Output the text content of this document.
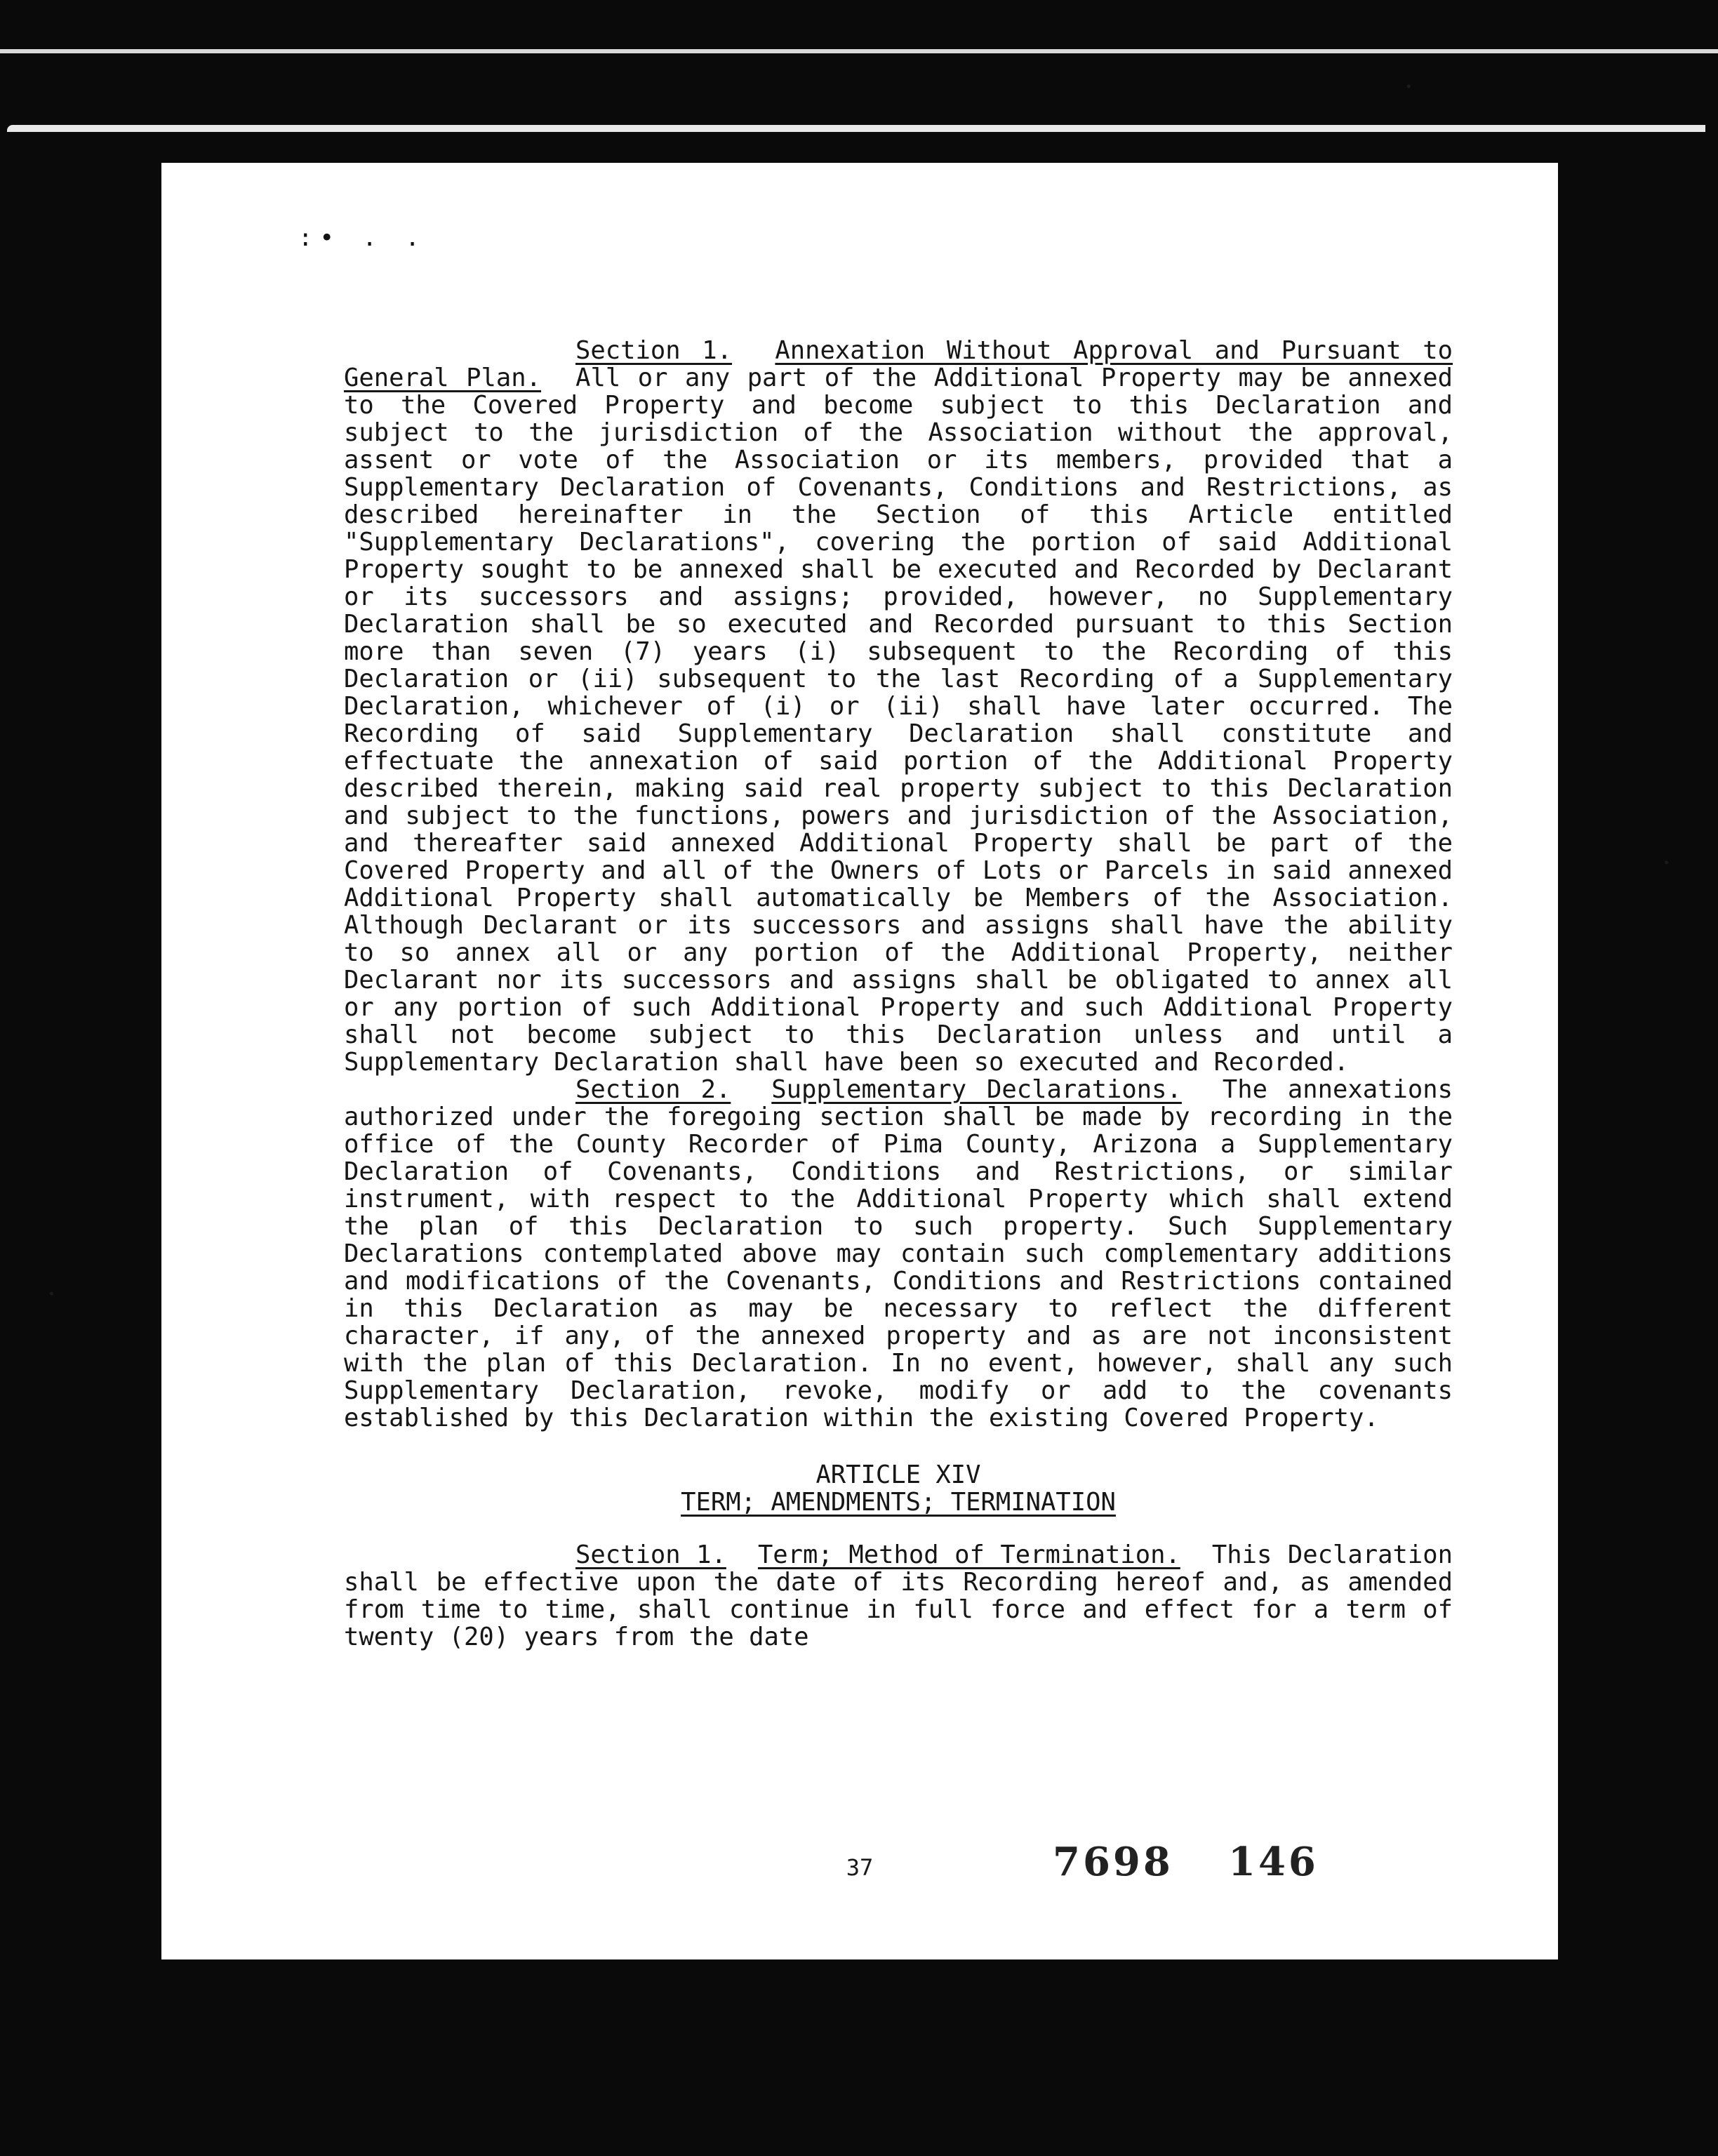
:• . .

Section 1. Annexation Without Approval and Pursuant to General Plan. All or any part of the Additional Property may be annexed to the Covered Property and become subject to this Declaration and subject to the jurisdiction of the Association without the approval, assent or vote of the Association or its members, provided that a Supplementary Declaration of Covenants, Conditions and Restrictions, as described hereinafter in the Section of this Article entitled "Supplementary Declarations", covering the portion of said Additional Property sought to be annexed shall be executed and Recorded by Declarant or its successors and assigns; provided, however, no Supplementary Declaration shall be so executed and Recorded pursuant to this Section more than seven (7) years (i) subsequent to the Recording of this Declaration or (ii) subsequent to the last Recording of a Supplementary Declaration, whichever of (i) or (ii) shall have later occurred. The Recording of said Supplementary Declaration shall constitute and effectuate the annexation of said portion of the Additional Property described therein, making said real property subject to this Declaration and subject to the functions, powers and jurisdiction of the Association, and thereafter said annexed Additional Property shall be part of the Covered Property and all of the Owners of Lots or Parcels in said annexed Additional Property shall automatically be Members of the Association. Although Declarant or its successors and assigns shall have the ability to so annex all or any portion of the Additional Property, neither Declarant nor its successors and assigns shall be obligated to annex all or any portion of such Additional Property and such Additional Property shall not become subject to this Declaration unless and until a Supplementary Declaration shall have been so executed and Recorded.

Section 2. Supplementary Declarations. The annexations authorized under the foregoing section shall be made by recording in the office of the County Recorder of Pima County, Arizona a Supplementary Declaration of Covenants, Conditions and Restrictions, or similar instrument, with respect to the Additional Property which shall extend the plan of this Declaration to such property. Such Supplementary Declarations contemplated above may contain such complementary additions and modifications of the Covenants, Conditions and Restrictions contained in this Declaration as may be necessary to reflect the different character, if any, of the annexed property and as are not inconsistent with the plan of this Declaration. In no event, however, shall any such Supplementary Declaration, revoke, modify or add to the covenants established by this Declaration within the existing Covered Property.

ARTICLE XIV
TERM; AMENDMENTS; TERMINATION

Section 1. Term; Method of Termination. This Declaration shall be effective upon the date of its Recording hereof and, as amended from time to time, shall continue in full force and effect for a term of twenty (20) years from the date

37	7698 146
